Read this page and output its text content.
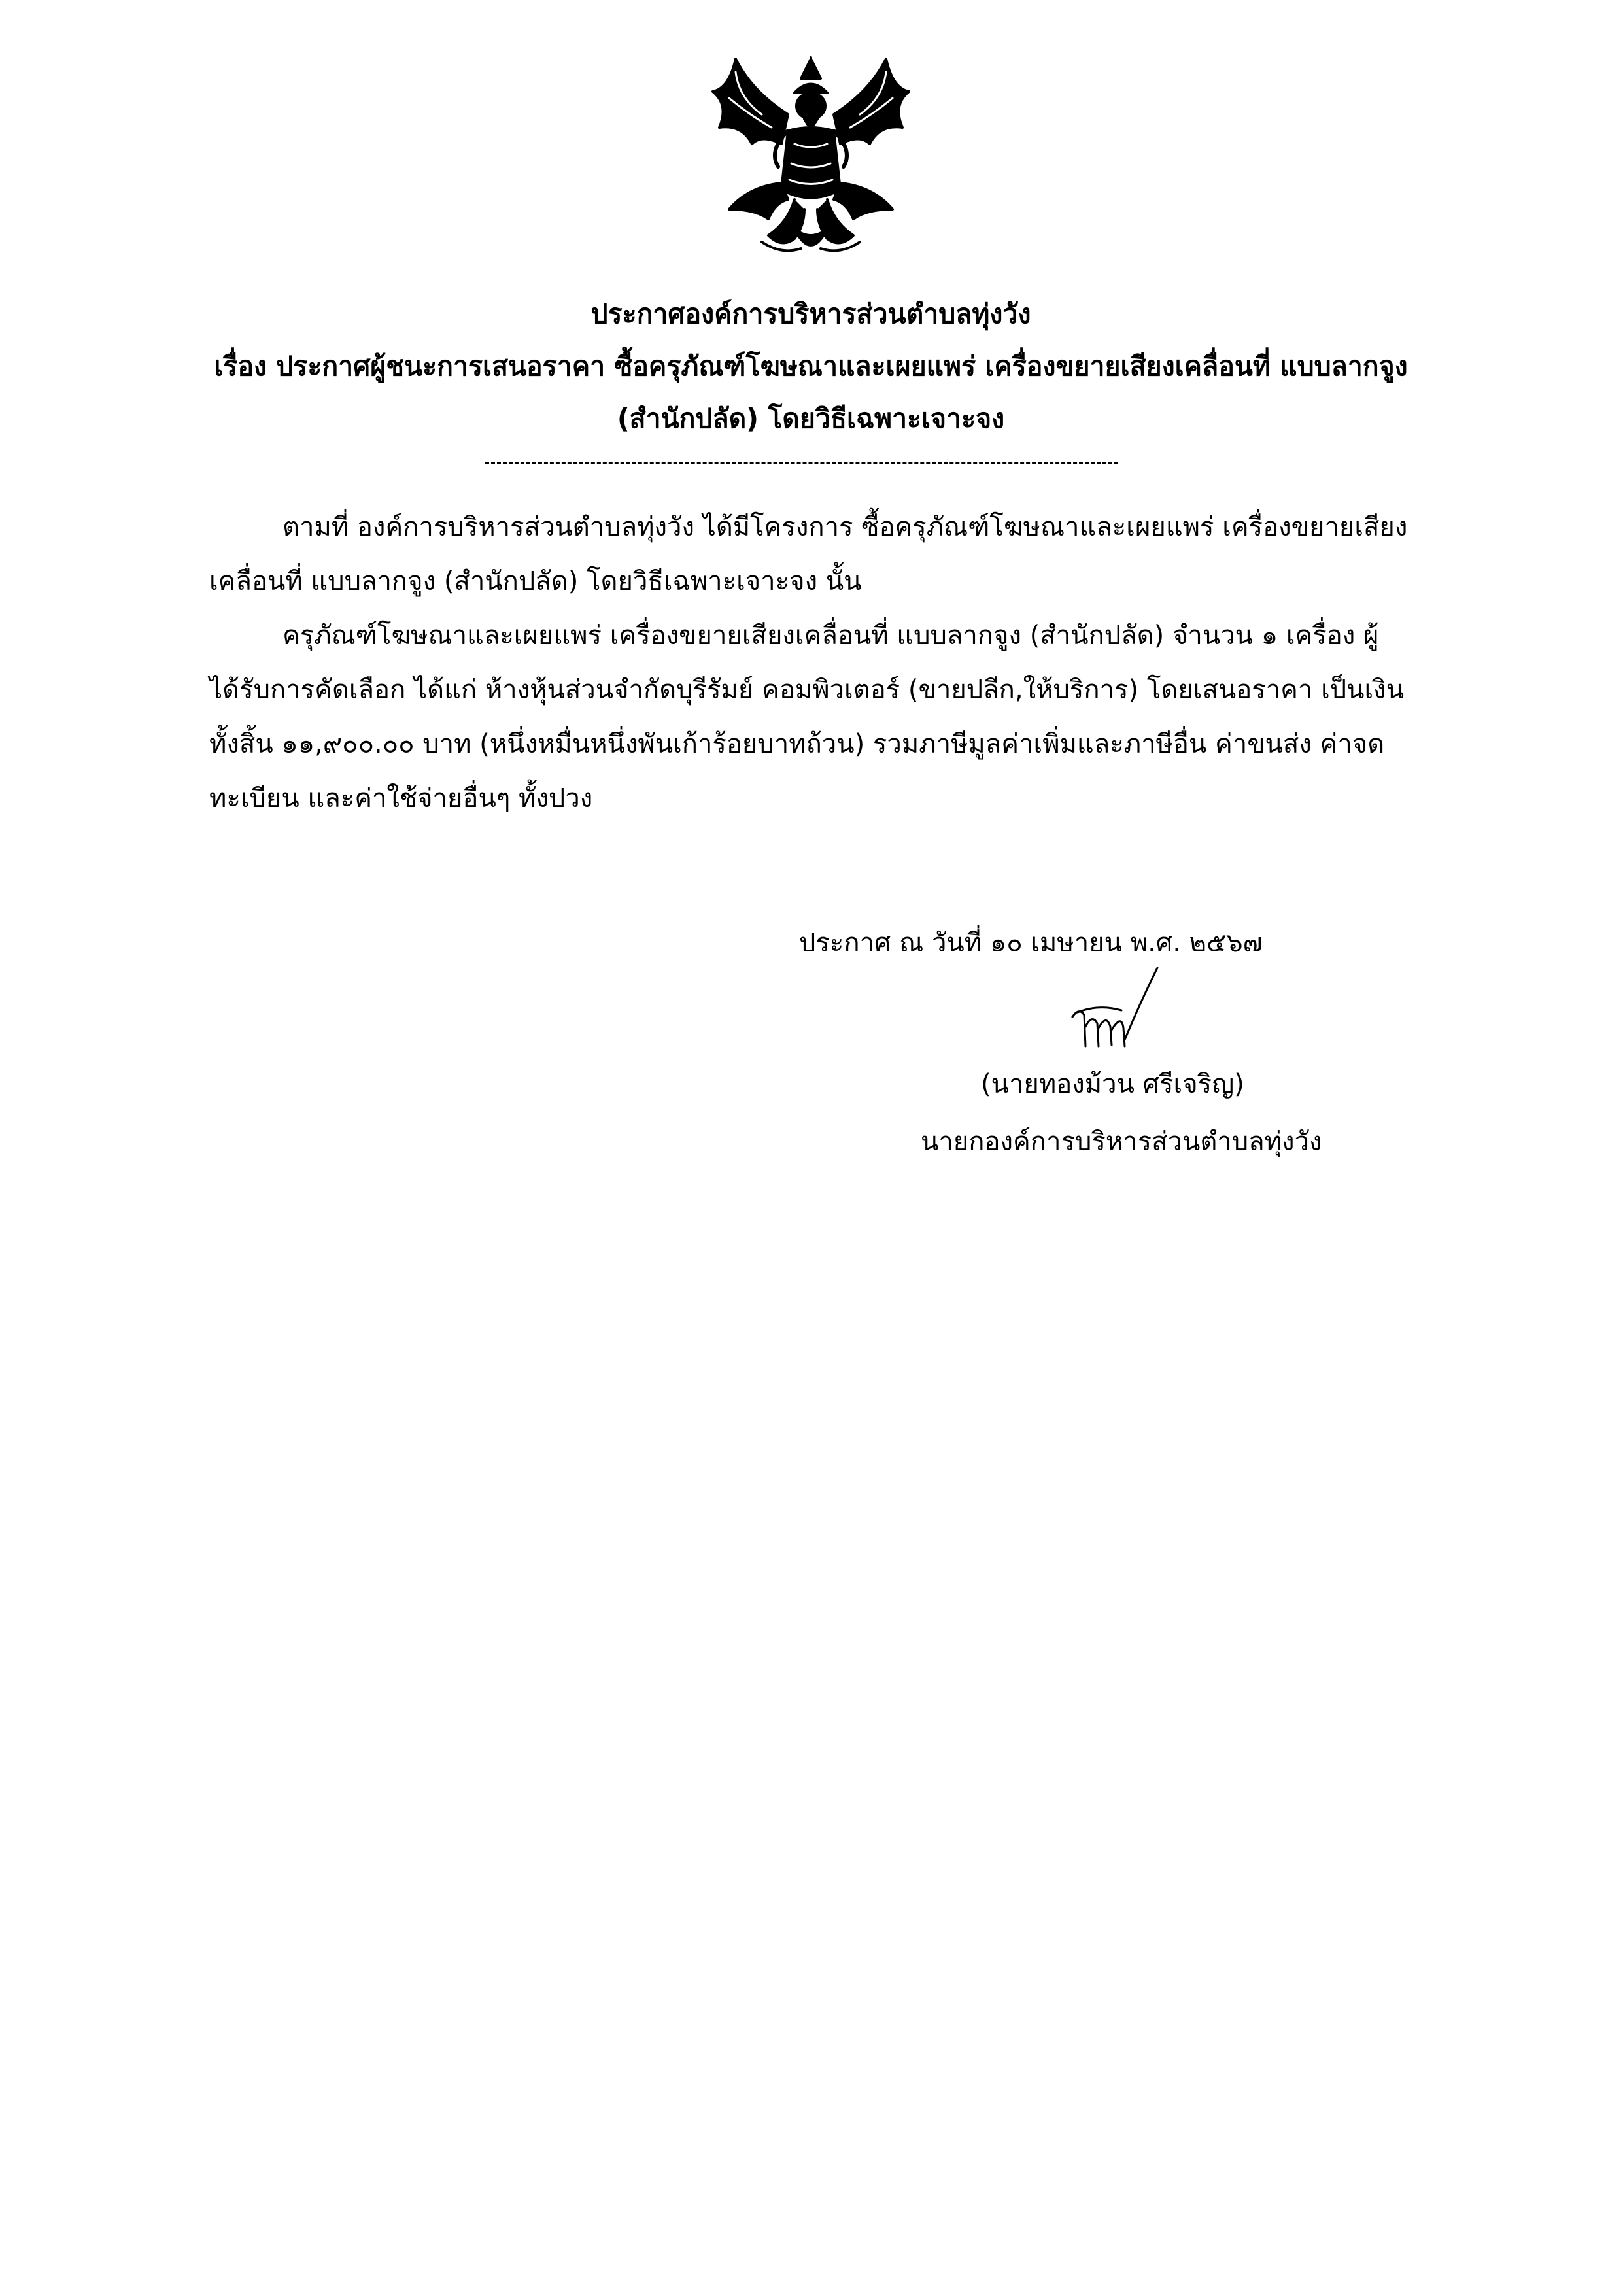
ประกาศองค์การบริหารส่วนตำบลทุ่งวัง
เรื่อง ประกาศผู้ชนะการเสนอราคา ซื้อครุภัณฑ์โฆษณาและเผยแพร่ เครื่องขยายเสียงเคลื่อนที่ แบบลากจูง
(สำนักปลัด) โดยวิธีเฉพาะเจาะจง
ตามที่ องค์การบริหารส่วนตำบลทุ่งวัง ได้มีโครงการ ซื้อครุภัณฑ์โฆษณาและเผยแพร่ เครื่องขยายเสียง
เคลื่อนที่ แบบลากจูง (สำนักปลัด) โดยวิธีเฉพาะเจาะจง นั้น
ครุภัณฑ์โฆษณาและเผยแพร่ เครื่องขยายเสียงเคลื่อนที่ แบบลากจูง (สำนักปลัด) จำนวน ๑ เครื่อง ผู้
ได้รับการคัดเลือก ได้แก่ ห้างหุ้นส่วนจำกัดบุรีรัมย์ คอมพิวเตอร์ (ขายปลีก,ให้บริการ) โดยเสนอราคา เป็นเงิน
ทั้งสิ้น ๑๑,๙๐๐.๐๐ บาท (หนึ่งหมื่นหนึ่งพันเก้าร้อยบาทถ้วน) รวมภาษีมูลค่าเพิ่มและภาษีอื่น ค่าขนส่ง ค่าจด
ทะเบียน และค่าใช้จ่ายอื่นๆ ทั้งปวง
ประกาศ ณ วันที่ ๑๐ เมษายน พ.ศ. ๒๕๖๗
(นายทองม้วน ศรีเจริญ)
นายกองค์การบริหารส่วนตำบลทุ่งวัง
